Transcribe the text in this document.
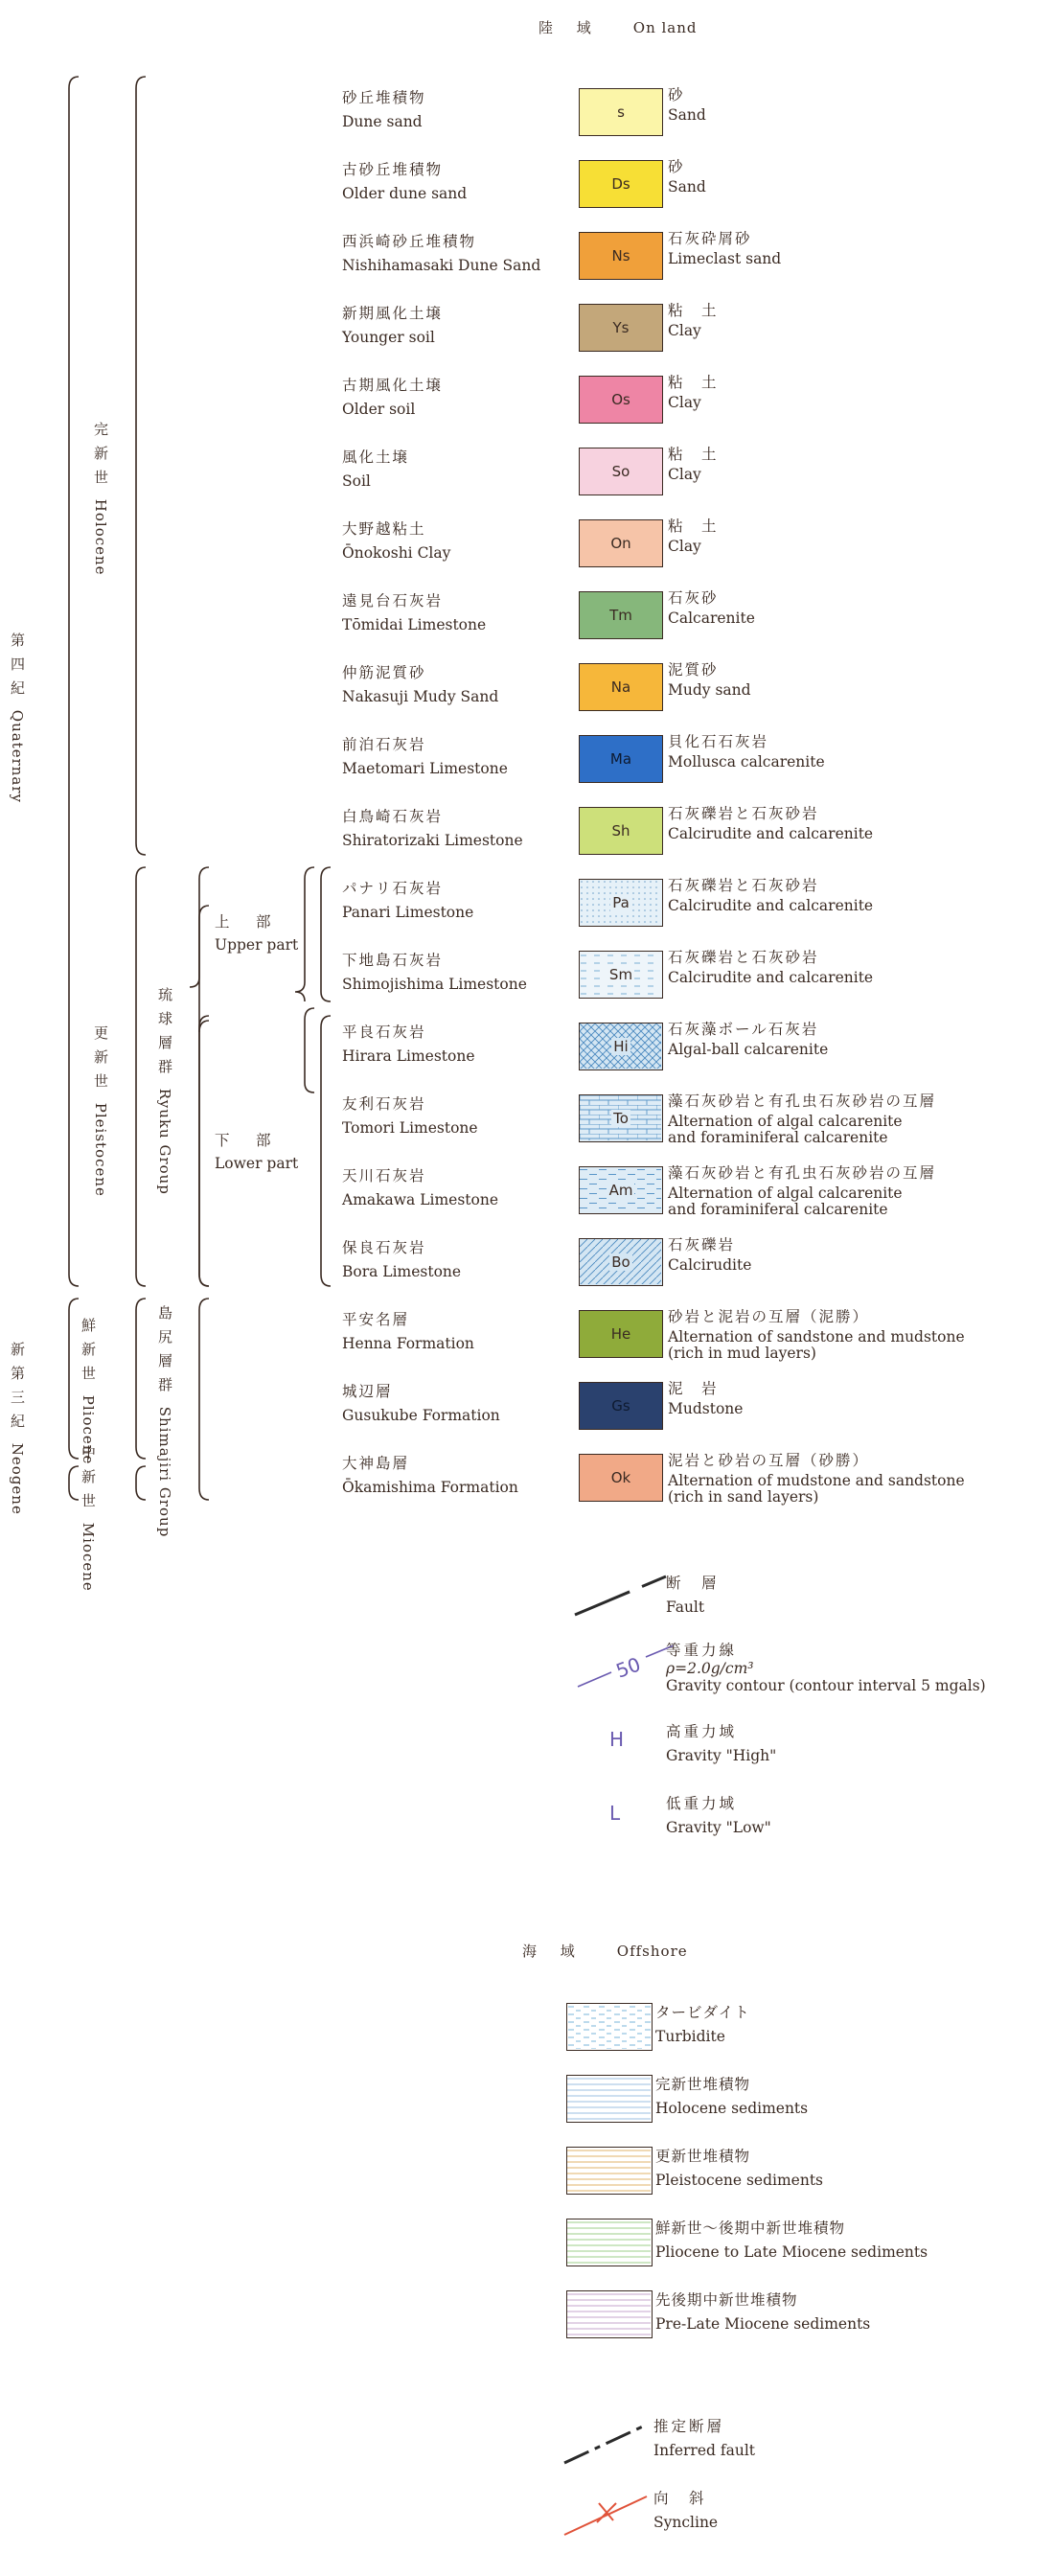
陸 域 On land
第四紀 Quaternary
完新世 Holocene
更新世 Pleistocene
琉球層群 Ryuku Group
新第三紀 Neogene
鮮新世 Pliocene
中新世 Miocene
島尻層群 Shimajiri Group
上　部
Upper part
下　部
Lower part
砂丘堆積物
Dune sand
s
砂
Sand
古砂丘堆積物
Older dune sand
Ds
砂
Sand
西浜崎砂丘堆積物
Nishihamasaki Dune Sand
Ns
石灰砕屑砂
Limeclast sand
新期風化土壌
Younger soil
Ys
粘　土
Clay
古期風化土壌
Older soil
Os
粘　土
Clay
風化土壌
Soil
So
粘　土
Clay
大野越粘土
Ōnokoshi Clay
On
粘　土
Clay
遠見台石灰岩
Tōmidai Limestone
Tm
石灰砂
Calcarenite
仲筋泥質砂
Nakasuji Mudy Sand
Na
泥質砂
Mudy sand
前泊石灰岩
Maetomari Limestone
Ma
貝化石石灰岩
Mollusca calcarenite
白鳥崎石灰岩
Shiratorizaki Limestone
Sh
石灰礫岩と石灰砂岩
Calcirudite and calcarenite
パナリ石灰岩
Panari Limestone
Pa
石灰礫岩と石灰砂岩
Calcirudite and calcarenite
下地島石灰岩
Shimojishima Limestone
Sm
石灰礫岩と石灰砂岩
Calcirudite and calcarenite
平良石灰岩
Hirara Limestone
Hi
石灰藻ボール石灰岩
Algal-ball calcarenite
友利石灰岩
Tomori Limestone
To
藻石灰砂岩と有孔虫石灰砂岩の互層
Alternation of algal calcarenite
and foraminiferal calcarenite
天川石灰岩
Amakawa Limestone
Am
藻石灰砂岩と有孔虫石灰砂岩の互層
Alternation of algal calcarenite
and foraminiferal calcarenite
保良石灰岩
Bora Limestone
Bo
石灰礫岩
Calcirudite
平安名層
Henna Formation
He
砂岩と泥岩の互層（泥勝）
Alternation of sandstone and mudstone
(rich in mud layers)
城辺層
Gusukube Formation
Gs
泥　岩
Mudstone
大神島層
Ōkamishima Formation
Ok
泥岩と砂岩の互層（砂勝）
Alternation of mudstone and sandstone
(rich in sand layers)
断　層
Fault
50
等重力線
ρ=2.0g/cm³
Gravity contour (contour interval 5 mgals)
H	高重力域
Gravity "High"
L	低重力域
Gravity "Low"
海 域 Offshore
タービダイト
Turbidite
完新世堆積物
Holocene sediments
更新世堆積物
Pleistocene sediments
鮮新世～後期中新世堆積物
Pliocene to Late Miocene sediments
先後期中新世堆積物
Pre-Late Miocene sediments
推定断層
Inferred fault
向　斜
Syncline
